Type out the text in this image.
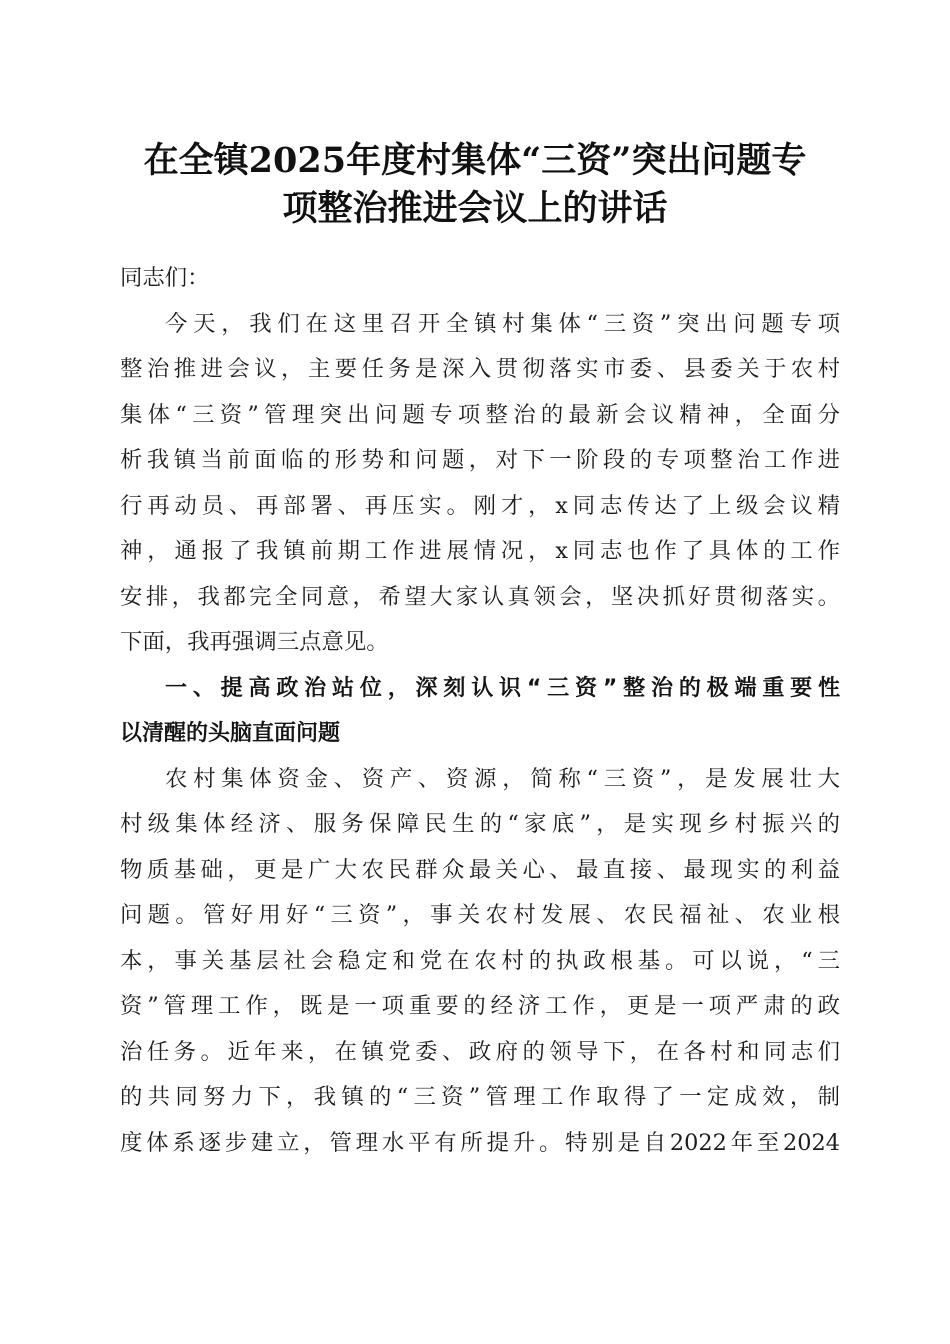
在全镇2025年度村集体“三资”突出问题专
项整治推进会议上的讲话
同志们：
今天，我们在这里召开全镇村集体“三资”突出问题专项
整治推进会议，主要任务是深入贯彻落实市委、县委关于农村
集体“三资”管理突出问题专项整治的最新会议精神，全面分
析我镇当前面临的形势和问题，对下一阶段的专项整治工作进
行再动员、再部署、再压实。刚才，x同志传达了上级会议精
神，通报了我镇前期工作进展情况，x同志也作了具体的工作
安排，我都完全同意，希望大家认真领会，坚决抓好贯彻落实。
下面，我再强调三点意见。
一、提高政治站位，深刻认识“三资”整治的极端重要性
以清醒的头脑直面问题
农村集体资金、资产、资源，简称“三资”，是发展壮大
村级集体经济、服务保障民生的“家底”，是实现乡村振兴的
物质基础，更是广大农民群众最关心、最直接、最现实的利益
问题。管好用好“三资”，事关农村发展、农民福祉、农业根
本，事关基层社会稳定和党在农村的执政根基。可以说，“三
资”管理工作，既是一项重要的经济工作，更是一项严肃的政
治任务。近年来，在镇党委、政府的领导下，在各村和同志们
的共同努力下，我镇的“三资”管理工作取得了一定成效，制
度体系逐步建立，管理水平有所提升。特别是自2022年至2024
